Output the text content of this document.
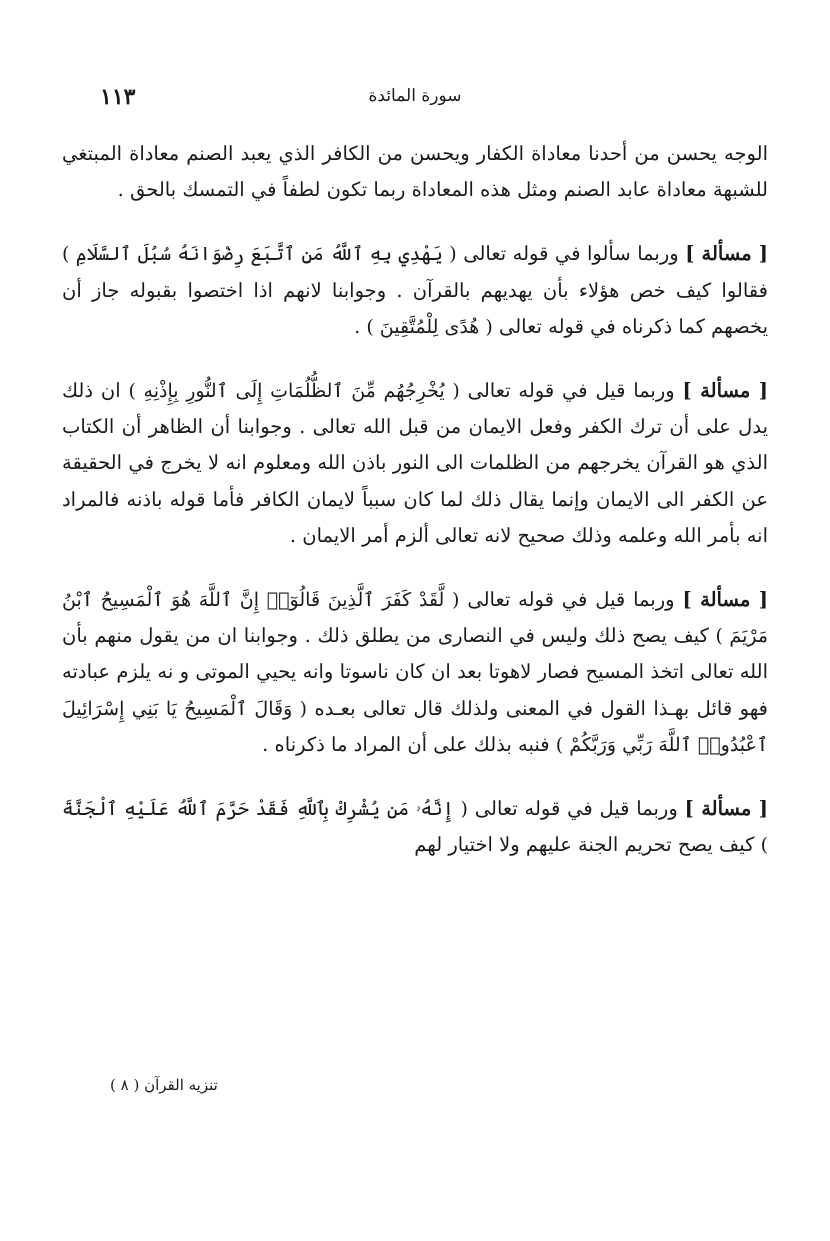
سورة المائدة
١١٣

الوجه يحسن من أحدنا معاداة الكفار ويحسن من الكافر الذي يعبد الصنم معاداة المبتغي للشبهة معاداة عابد الصنم ومثل هذه المعاداة ربما تكون لطفاً في التمسك بالحق .

[ مسألة ] وربما سألوا في قوله تعالى ( يَهْدِي بِهِ ٱللَّهُ مَنِ ٱتَّبَعَ رِضْوَانَهُ سُبُلَ ٱلسَّلَامِ ) فقالوا كيف خص هؤلاء بأن يهديهم بالقرآن . وجوابنا لانهم اذا اختصوا بقبوله جاز أن يخصهم كما ذكرناه في قوله تعالى ( هُدًى لِلْمُتَّقِينَ ) .

[ مسألة ] وربما قيل في قوله تعالى ( يُخْرِجُهُم مِّنَ ٱلظُّلُمَاتِ إِلَى ٱلنُّورِ بِإِذْنِهِ ) ان ذلك يدل على أن ترك الكفر وفعل الايمان من قبل الله تعالى . وجوابنا أن الظاهر أن الكتاب الذي هو القرآن يخرجهم من الظلمات الى النور باذن الله ومعلوم انه لا يخرج في الحقيقة عن الكفر الى الايمان وإنما يقال ذلك لما كان سبباً لايمان الكافر فأما قوله باذنه فالمراد انه بأمر الله وعلمه وذلك صحيح لانه تعالى ألزم أمر الايمان .

[ مسألة ] وربما قيل في قوله تعالى ( لَّقَدْ كَفَرَ ٱلَّذِينَ قَالُوٓا۟ إِنَّ ٱللَّهَ هُوَ ٱلْمَسِيحُ ٱبْنُ مَرْيَمَ ) كيف يصح ذلك وليس في النصارى من يطلق ذلك . وجوابنا ان من يقول منهم بأن الله تعالى اتخذ المسيح فصار لاهوتا بعد ان كان ناسوتا وانه يحيي الموتى و نه يلزم عبادته فهو قائل بهـذا القول في المعنى ولذلك قال تعالى بعـده ( وَقَالَ ٱلْمَسِيحُ يَا بَنِي إِسْرَائِيلَ ٱعْبُدُوا۟ ٱللَّهَ رَبِّي وَرَبَّكُمْ ) فنبه بذلك على أن المراد ما ذكرناه .

[ مسألة ] وربما قيل في قوله تعالى ( إِنَّهُۥ مَن يُشْرِكْ بِٱللَّهِ فَقَدْ حَرَّمَ ٱللَّهُ عَلَيْهِ ٱلْجَنَّةَ ) كيف يصح تحريم الجنة عليهم ولا اختيار لهم

تنزيه القرآن ( ٨ )
